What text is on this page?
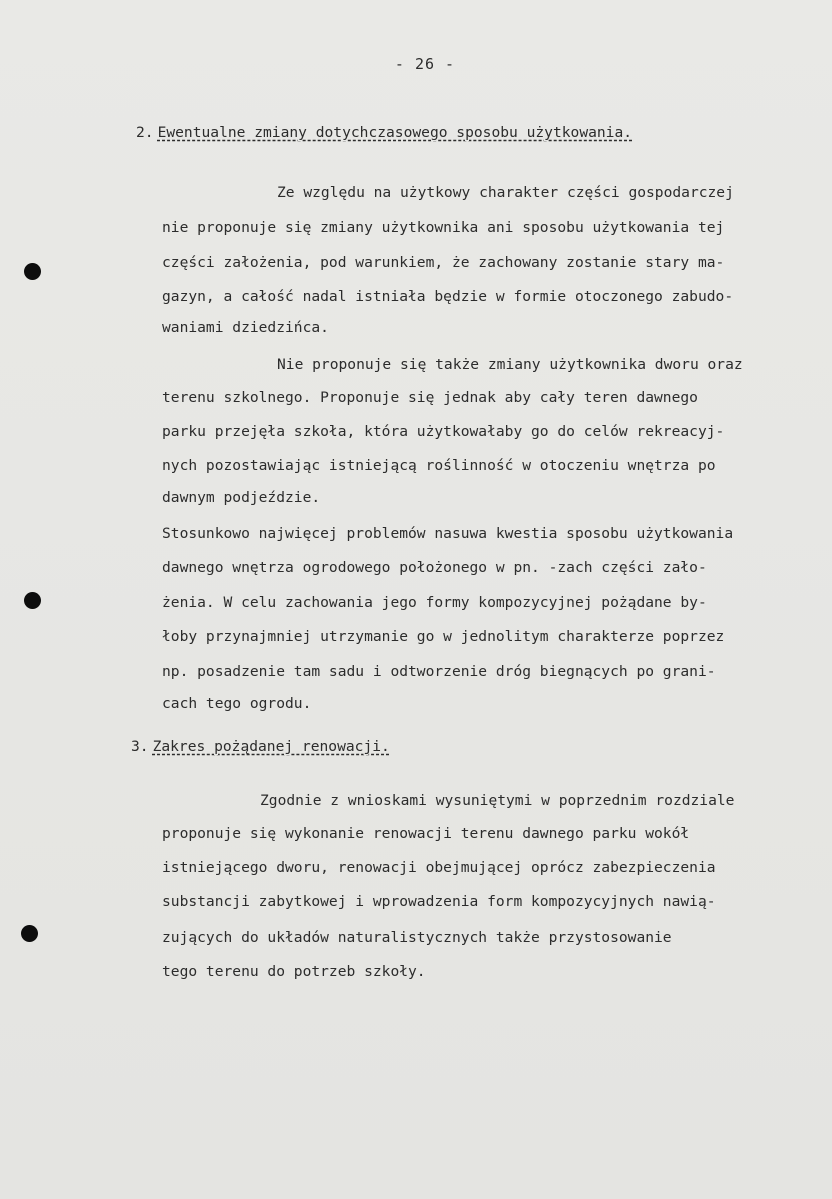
- 26 -
2. Ewentualne zmiany dotychczasowego sposobu użytkowania.
Ze względu na użytkowy charakter części gospodarczej
nie proponuje się zmiany użytkownika ani sposobu użytkowania tej
części założenia, pod warunkiem, że zachowany zostanie stary ma-
gazyn, a całość nadal istniała będzie w formie otoczonego zabudo-
waniami dziedzińca.
Nie proponuje się także zmiany użytkownika dworu oraz
terenu szkolnego. Proponuje się jednak aby cały teren dawnego
parku przejęła szkoła, która użytkowałaby go do celów rekreacyj-
nych pozostawiając istniejącą roślinność w otoczeniu wnętrza po
dawnym podjeździe.
Stosunkowo najwięcej problemów nasuwa kwestia sposobu użytkowania
dawnego wnętrza ogrodowego położonego w pn. -zach części zało-
żenia. W celu zachowania jego formy kompozycyjnej pożądane by-
łoby przynajmniej utrzymanie go w jednolitym charakterze poprzez
np. posadzenie tam sadu i odtworzenie dróg biegnących po grani-
cach tego ogrodu.
3. Zakres pożądanej renowacji.
Zgodnie z wnioskami wysuniętymi w poprzednim rozdziale
proponuje się wykonanie renowacji terenu dawnego parku wokół
istniejącego dworu, renowacji obejmującej oprócz zabezpieczenia
substancji zabytkowej i wprowadzenia form kompozycyjnych nawią-
zujących do układów naturalistycznych także przystosowanie
tego terenu do potrzeb szkoły.
